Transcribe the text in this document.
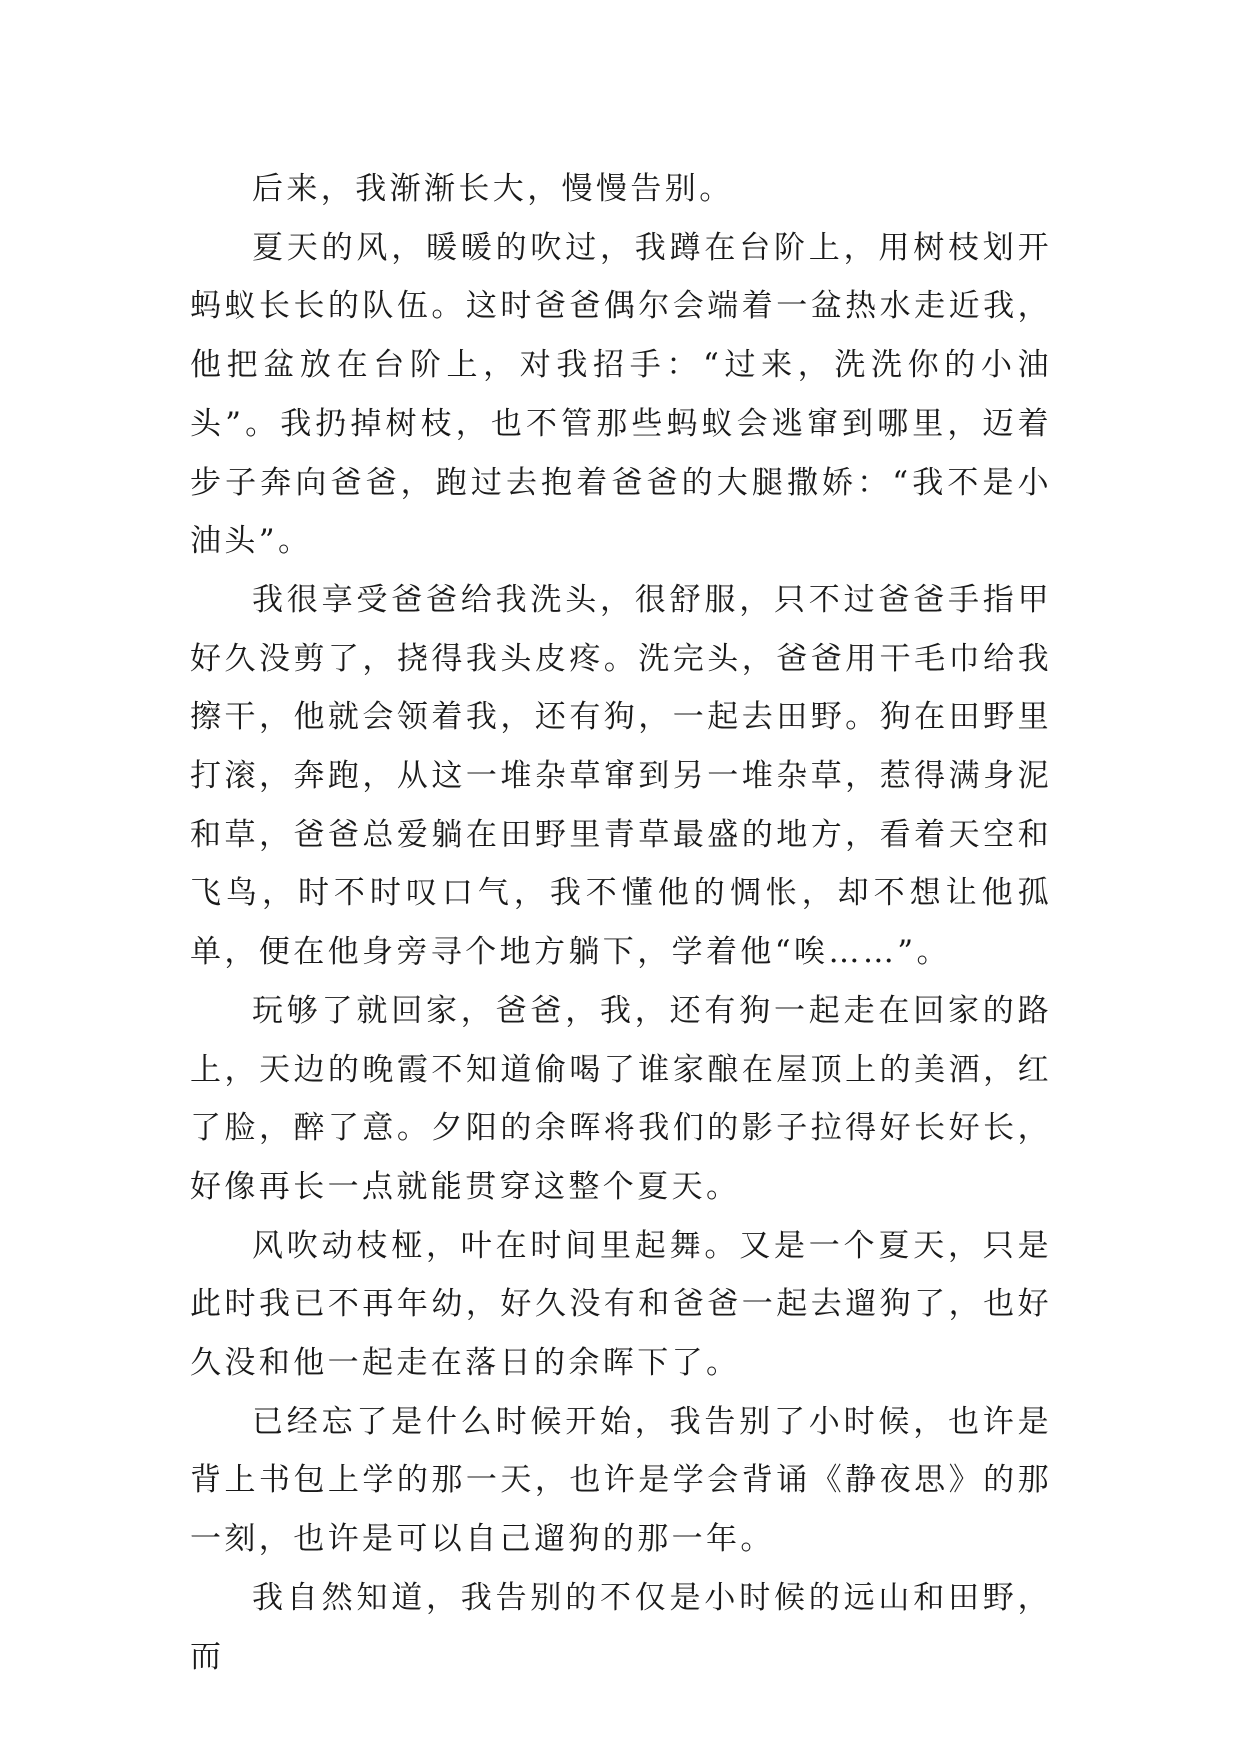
后来，我渐渐长大，慢慢告别。

夏天的风，暖暖的吹过，我蹲在台阶上，用树枝划开蚂蚁长长的队伍。这时爸爸偶尔会端着一盆热水走近我，他把盆放在台阶上，对我招手：“过来，洗洗你的小油头”。我扔掉树枝，也不管那些蚂蚁会逃窜到哪里，迈着步子奔向爸爸，跑过去抱着爸爸的大腿撒娇：“我不是小油头”。

我很享受爸爸给我洗头，很舒服，只不过爸爸手指甲好久没剪了，挠得我头皮疼。洗完头，爸爸用干毛巾给我擦干，他就会领着我，还有狗，一起去田野。狗在田野里打滚，奔跑，从这一堆杂草窜到另一堆杂草，惹得满身泥和草，爸爸总爱躺在田野里青草最盛的地方，看着天空和飞鸟，时不时叹口气，我不懂他的惆怅，却不想让他孤单，便在他身旁寻个地方躺下，学着他“唉……”。

玩够了就回家，爸爸，我，还有狗一起走在回家的路上，天边的晚霞不知道偷喝了谁家酿在屋顶上的美酒，红了脸，醉了意。夕阳的余晖将我们的影子拉得好长好长，好像再长一点就能贯穿这整个夏天。

风吹动枝桠，叶在时间里起舞。又是一个夏天，只是此时我已不再年幼，好久没有和爸爸一起去遛狗了，也好久没和他一起走在落日的余晖下了。

已经忘了是什么时候开始，我告别了小时候，也许是背上书包上学的那一天，也许是学会背诵《静夜思》的那一刻，也许是可以自己遛狗的那一年。

我自然知道，我告别的不仅是小时候的远山和田野，而
